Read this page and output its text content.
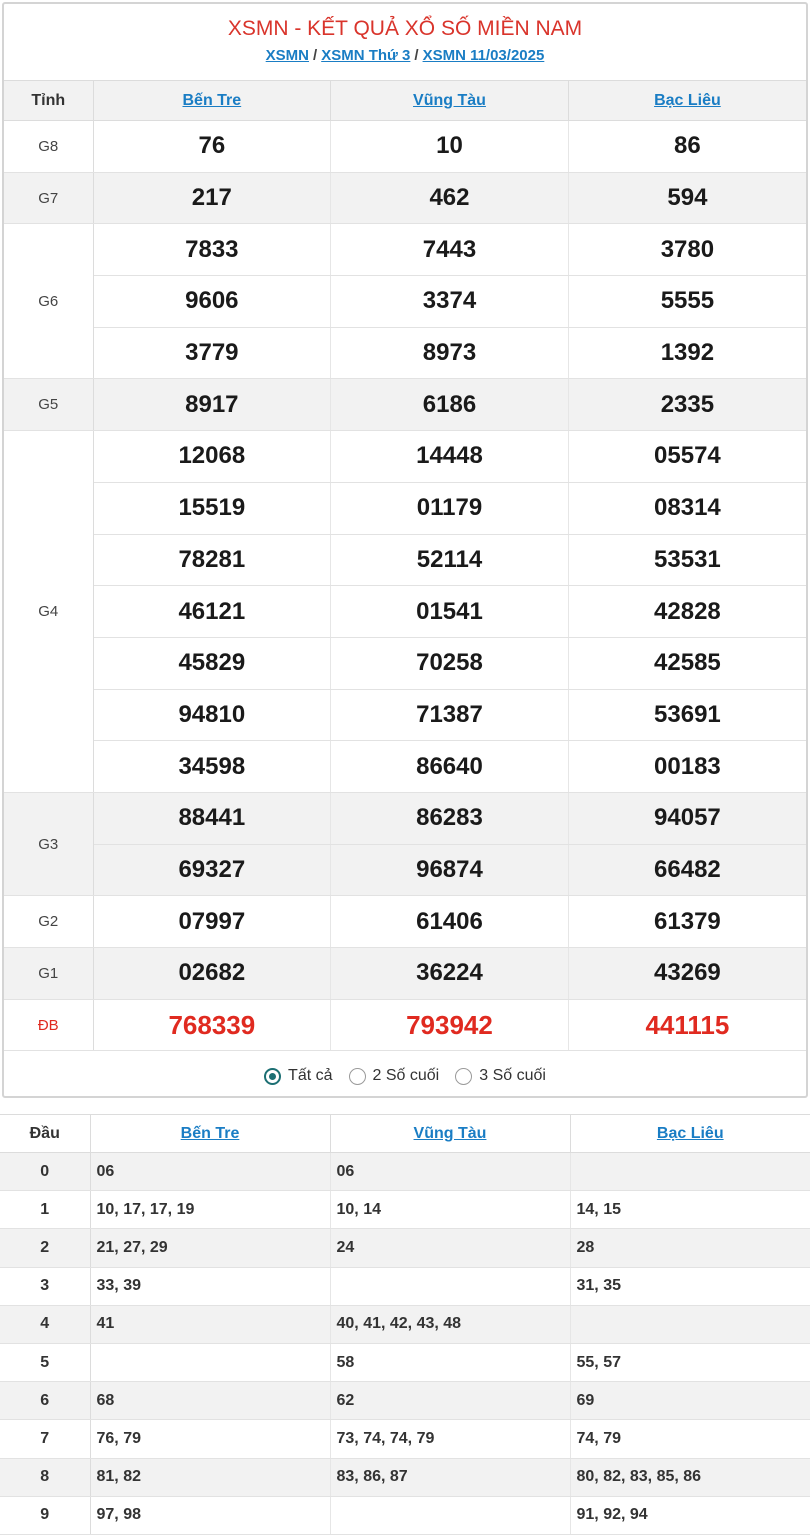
XSMN - KẾT QUẢ XỔ SỐ MIỀN NAM
XSMN / XSMN Thứ 3 / XSMN 11/03/2025
Tỉnh	Bến Tre	Vũng Tàu	Bạc Liêu
G8	76	10	86
G7	217	462	594
G6	7833	7443	3780
	9606	3374	5555
	3779	8973	1392
G5	8917	6186	2335
G4	12068	14448	05574
	15519	01179	08314
	78281	52114	53531
	46121	01541	42828
	45829	70258	42585
	94810	71387	53691
	34598	86640	00183
G3	88441	86283	94057
	69327	96874	66482
G2	07997	61406	61379
G1	02682	36224	43269
ĐB	768339	793942	441115
Tất cả	2 Số cuối	3 Số cuối
Đầu	Bến Tre	Vũng Tàu	Bạc Liêu
0	06	06	
1	10, 17, 17, 19	10, 14	14, 15
2	21, 27, 29	24	28
3	33, 39		31, 35
4	41	40, 41, 42, 43, 48	
5		58	55, 57
6	68	62	69
7	76, 79	73, 74, 74, 79	74, 79
8	81, 82	83, 86, 87	80, 82, 83, 85, 86
9	97, 98		91, 92, 94
